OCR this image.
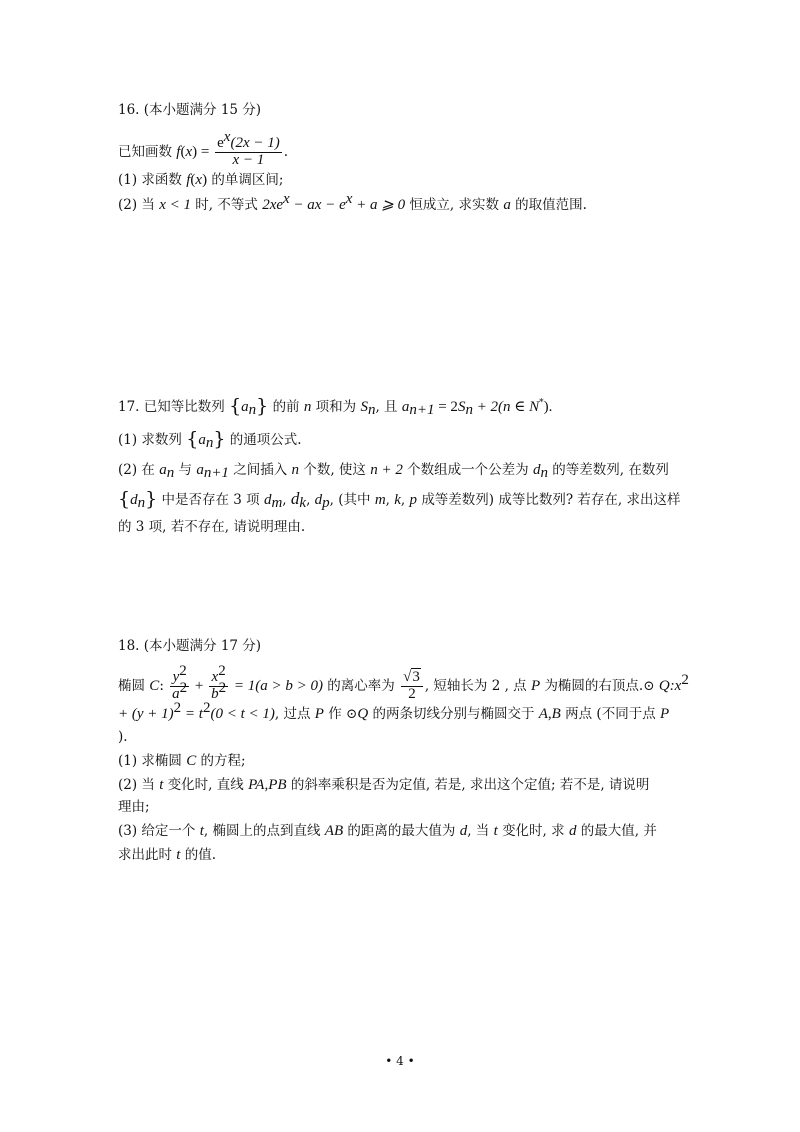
16. (本小题满分 15 分)
已知画数 $f(x) = \frac{e^x(2x - 1)}{x - 1}$ .
(1) 求函数 f(x) 的单调区间;
(2) 当 x < 1 时, 不等式 $2xe^x$ − ax − $e^x + a$ ⩾ 0 恒成立, 求实数 a 的取值范围.
17. 已知等比数列 $\{a_n\}$ 的前 n 项和为 $S_n$, 且 $a_{n+1} = 2S_n + 2(n$ ∈ N*).
(1) 求数列 $\{a_n\}$ 的通项公式.
(2) 在 $a_n$ 与 $a_{n+1}$ 之间插入 n 个数, 使这 n + 2 个数组成一个公差为 $d_n$ 的等差数列, 在数列
$\{d_n\}$ 中是否存在 3 项 $d_m$, $d_k$, $d_p$, (其中 m, k, p 成等差数列) 成等比数列? 若存在, 求出这样
的 3 项, 若不存在, 请说明理由.
18. (本小题满分 17 分)
椭圆 C: $\frac{y^2}{a^2} + \frac{x^2}{b^2} = 1(a > b > 0)$ 的离心率为 $\frac{√3}{2}$ , 短轴长为 2 , 点 P 为椭圆的右顶点.⊙ $Q:x^2$
+ $(y + 1)^2 = t^2(0 < t < 1)$, 过点 P 作 ⊙Q 的两条切线分别与椭圆交于 A,B 两点 (不同于点 P
).
(1) 求椭圆 C 的方程;
(2) 当 t 变化时, 直线 PA,PB 的斜率乘积是否为定值, 若是, 求出这个定值; 若不是, 请说明
理由;
(3) 给定一个 t, 椭圆上的点到直线 AB 的距离的最大值为 d, 当 t 变化时, 求 d 的最大值, 并
求出此时 t 的值.
• 4 •
